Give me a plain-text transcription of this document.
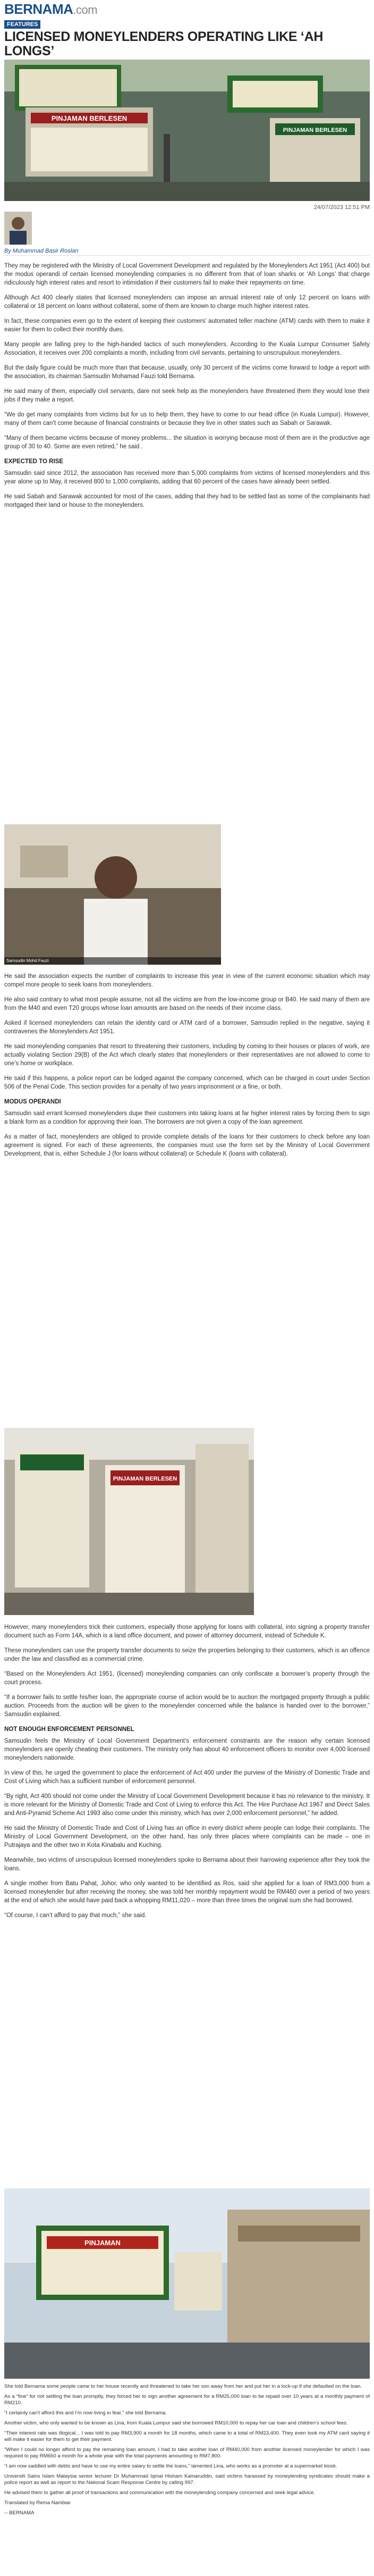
BERNAMA.com
FEATURES
LICENSED MONEYLENDERS OPERATING LIKE ‘AH LONGS’
PINJAMAN BERLESEN
PINJAMAN BERLESEN
24/07/2023 12:51 PM
By Muhammad Basir Roslan

They may be registered with the Ministry of Local Government Development and regulated by the Moneylenders Act 1951 (Act 400) but the modus operandi of certain licensed moneylending companies is no different from that of loan sharks or ‘Ah Longs’ that charge ridiculously high interest rates and resort to intimidation if their customers fail to make their repayments on time.

Although Act 400 clearly states that licensed moneylenders can impose an annual interest rate of only 12 percent on loans with collateral or 18 percent on loans without collateral, some of them are known to charge much higher interest rates.

In fact, these companies even go to the extent of keeping their customers’ automated teller machine (ATM) cards with them to make it easier for them to collect their monthly dues.

Many people are falling prey to the high-handed tactics of such moneylenders. According to the Kuala Lumpur Consumer Safety Association, it receives over 200 complaints a month, including from civil servants, pertaining to unscrupulous moneylenders.

But the daily figure could be much more than that because, usually, only 30 percent of the victims come forward to lodge a report with the association, its chairman Samsudin Mohamad Fauzi told Bernama.

He said many of them, especially civil servants, dare not seek help as the moneylenders have threatened them they would lose their jobs if they make a report.

“We do get many complaints from victims but for us to help them, they have to come to our head office (in Kuala Lumpur). However, many of them can’t come because of financial constraints or because they live in other states such as Sabah or Sarawak.

“Many of them became victims because of money problems... the situation is worrying because most of them are in the productive age group of 30 to 40. Some are even retired,” he said .

EXPECTED TO RISE

Samsudin said since 2012, the association has received more than 5,000 complaints from victims of licensed moneylenders and this year alone up to May, it received 800 to 1,000 complaints, adding that 60 percent of the cases have already been settled.

He said Sabah and Sarawak accounted for most of the cases, adding that they had to be settled fast as some of the complainants had mortgaged their land or house to the moneylenders.

Samsudin Mohd Fauzi

He said the association expects the number of complaints to increase this year in view of the current economic situation which may compel more people to seek loans from moneylenders.

He also said contrary to what most people assume, not all the victims are from the low-income group or B40. He said many of them are from the M40 and even T20 groups whose loan amounts are based on the needs of their income class.

Asked if licensed moneylenders can retain the identity card or ATM card of a borrower, Samsudin replied in the negative, saying it contravenes the Moneylenders Act 1951.

He said moneylending companies that resort to threatening their customers, including by coming to their houses or places of work, are actually violating Section 29(B) of the Act which clearly states that moneylenders or their representatives are not allowed to come to one’s home or workplace.

He said if this happens, a police report can be lodged against the company concerned, which can be charged in court under Section 506 of the Penal Code. This section provides for a penalty of two years imprisonment or a fine, or both.

MODUS OPERANDI

Samsudin said errant licensed moneylenders dupe their customers into taking loans at far higher interest rates by forcing them to sign a blank form as a condition for approving their loan. The borrowers are not given a copy of the loan agreement.

As a matter of fact, moneylenders are obliged to provide complete details of the loans for their customers to check before any loan agreement is signed. For each of these agreements, the companies must use the form set by the Ministry of Local Government Development, that is, either Schedule J (for loans without collateral) or Schedule K (loans with collateral).

PINJAMAN BERLESEN

However, many moneylenders trick their customers, especially those applying for loans with collateral, into signing a property transfer document such as Form 14A, which is a land office document, and power of attorney document, instead of Schedule K.

These moneylenders can use the property transfer documents to seize the properties belonging to their customers, which is an offence under the law and classified as a commercial crime.

“Based on the Moneylenders Act 1951, (licensed) moneylending companies can only confiscate a borrower’s property through the court process.

“If a borrower fails to settle his/her loan, the appropriate course of action would be to auction the mortgaged property through a public auction. Proceeds from the auction will be given to the moneylender concerned while the balance is handed over to the borrower,” Samsudin explained.

NOT ENOUGH ENFORCEMENT PERSONNEL

Samsudin feels the Ministry of Local Government Department’s enforcement constraints are the reason why certain licensed moneylenders are openly cheating their customers. The ministry only has about 40 enforcement officers to monitor over 4,000 licensed moneylenders nationwide.

In view of this, he urged the government to place the enforcement of Act 400 under the purview of the Ministry of Domestic Trade and Cost of Living which has a sufficient number of enforcement personnel.

“By right, Act 400 should not come under the Ministry of Local Government Development because it has no relevance to the ministry. It is more relevant for the Ministry of Domestic Trade and Cost of Living to enforce this Act. The Hire Purchase Act 1967 and Direct Sales and Anti-Pyramid Scheme Act 1993 also come under this ministry, which has over 2,000 enforcement personnel,” he added.

He said the Ministry of Domestic Trade and Cost of Living has an office in every district where people can lodge their complaints. The Ministry of Local Government Development, on the other hand, has only three places where complaints can be made – one in Putrajaya and the other two in Kota Kinabalu and Kuching.

Meanwhile, two victims of unscrupulous licensed moneylenders spoke to Bernama about their harrowing experience after they took the loans.

A single mother from Batu Pahat, Johor, who only wanted to be identified as Ros, said she applied for a loan of RM3,000 from a licensed moneylender but after receiving the money, she was told her monthly repayment would be RM460 over a period of two years at the end of which she would have paid back a whopping RM11,020 – more than three times the original sum she had borrowed.

“Of course, I can’t afford to pay that much,” she said.

PINJAMAN

She told Bernama some people came to her house recently and threatened to take her son away from her and put her in a lock-up if she defaulted on the loan.

As a “fine” for not settling the loan promptly, they forced her to sign another agreement for a RM25,000 loan to be repaid over 10 years at a monthly payment of RM210.

“I certainly can’t afford this and I’m now living in fear,” she told Bernama.

Another victim, who only wanted to be known as Lina, from Kuala Lumpur said she borrowed RM10,000 to repay her car loan and children’s school fees.

“Their interest rate was illogical... I was told to pay RM3,900 a month for 18 months, which came to a total of RM23,400. They even took my ATM card saying it will make it easier for them to get their payment.

“When I could no longer afford to pay the remaining loan amount, I had to take another loan of RM40,000 from another licensed moneylender for which I was required to pay RM650 a month for a whole year with the total payments amounting to RM7,800.

“I am now saddled with debts and have to use my entire salary to settle the loans,” lamented Lina, who works as a promoter at a supermarket kiosk.

Universiti Sains Islam Malaysia senior lecturer Dr Muhammad Iqmal Hisham Kamaruddin, said victims harassed by moneylending syndicates should make a police report as well as report to the National Scam Response Centre by calling 997.

He advised them to gather all proof of transactions and communication with the moneylending company concerned and seek legal advice.

Translated by Rema Nambiar

-- BERNAMA
